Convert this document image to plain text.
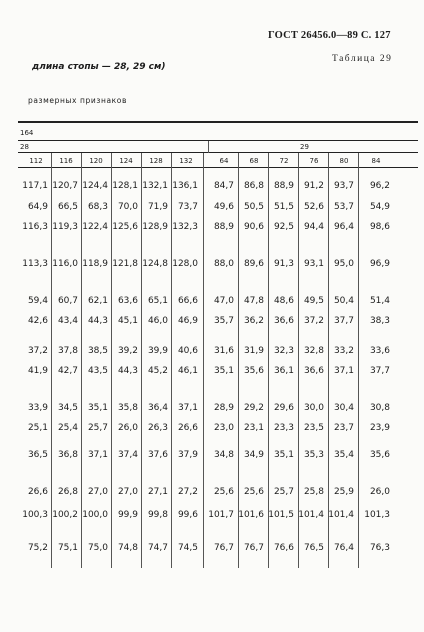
ГОСТ 26456.0—89 С. 127
длина стопы — 28, 29 см)
Таблица 29
размерных признаков
164
28	29
112	116	120	124	128	132	64	68	72	76	80	84
117,1 120,7 124,4 128,1 132,1 136,1	84,7	86,8	88,9	91,2	93,7	96,2
64,9	66,5	68,3	70,0	71,9	73,7	49,6	50,5	51,5	52,6	53,7	54,9
116,3 119,3 122,4 125,6 128,9 132,3	88,9	90,6	92,5	94,4	96,4	98,6
113,3 116,0 118,9 121,8 124,8 128,0	88,0	89,6	91,3	93,1	95,0	96,9
59,4	60,7	62,1	63,6	65,1	66,6	47,0	47,8	48,6	49,5	50,4	51,4
42,6	43,4	44,3	45,1	46,0	46,9	35,7	36,2	36,6	37,2	37,7	38,3
37,2	37,8	38,5	39,2	39,9	40,6	31,6	31,9	32,3	32,8	33,2	33,6
41,9	42,7	43,5	44,3	45,2	46,1	35,1	35,6	36,1	36,6	37,1	37,7
33,9	34,5	35,1	35,8	36,4	37,1	28,9	29,2	29,6	30,0	30,4	30,8
25,1	25,4	25,7	26,0	26,3	26,6	23,0	23,1	23,3	23,5	23,7	23,9
36,5	36,8	37,1	37,4	37,6	37,9	34,8	34,9	35,1	35,3	35,4	35,6
26,6	26,8	27,0	27,0	27,1	27,2	25,6	25,6	25,7	25,8	25,9	26,0
100,3 100,2 100,0	99,9	99,8	99,6	101,7 101,6 101,5 101,4 101,4	101,3
75,2	75,1	75,0	74,8	74,7	74,5	76,7	76,7	76,6	76,5	76,4	76,3
